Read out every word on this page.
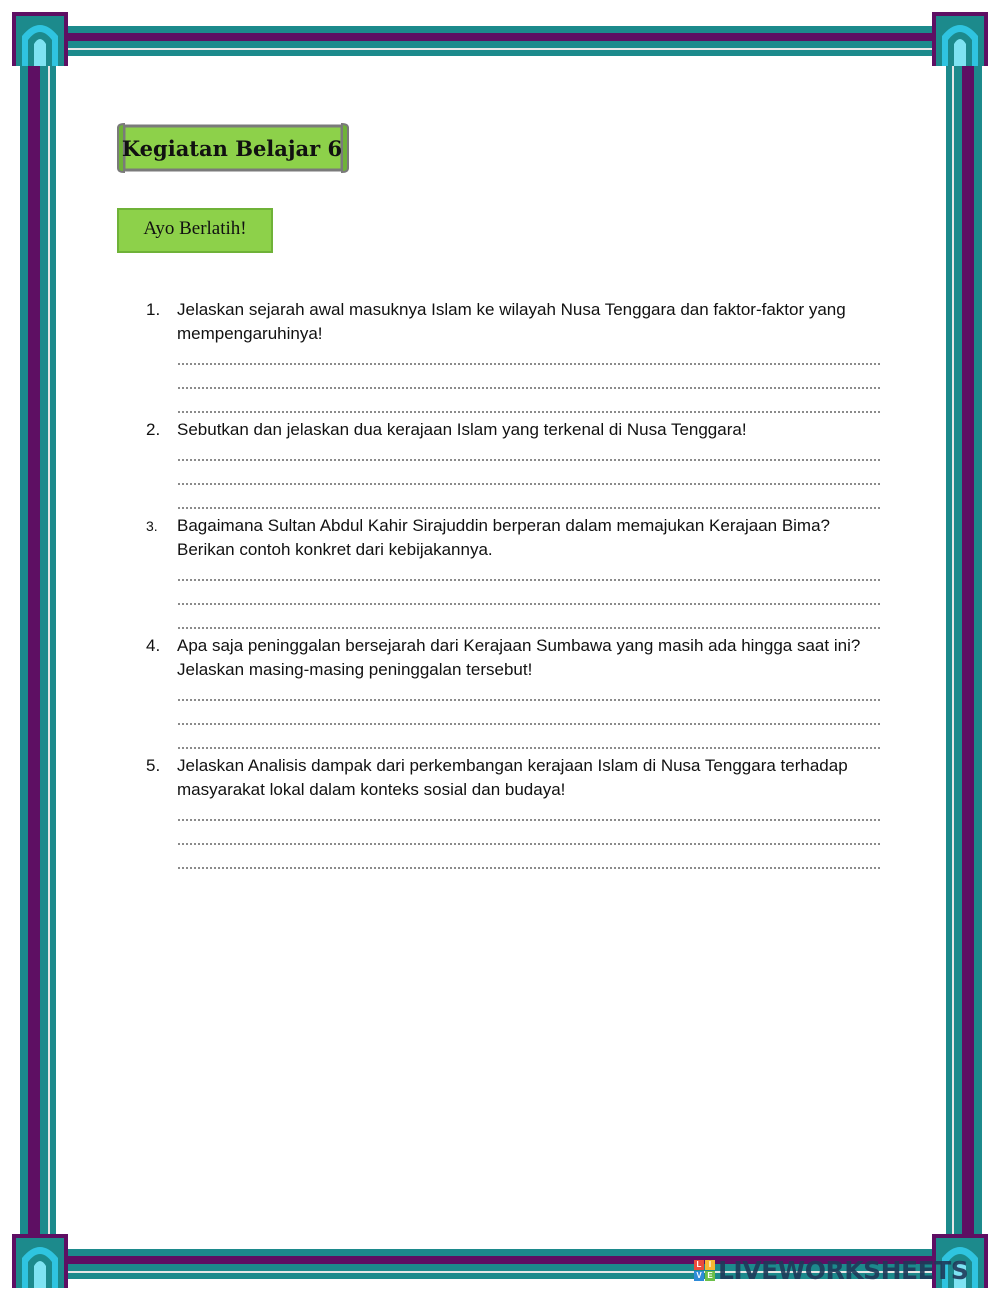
Kegiatan Belajar 6
Ayo Berlatih!
1. Jelaskan sejarah awal masuknya Islam ke wilayah Nusa Tenggara dan faktor-faktor yang mempengaruhinya!
2. Sebutkan dan jelaskan dua kerajaan Islam yang terkenal di Nusa Tenggara!
3. Bagaimana Sultan Abdul Kahir Sirajuddin berperan dalam memajukan Kerajaan Bima? Berikan contoh konkret dari kebijakannya.
4. Apa saja peninggalan bersejarah dari Kerajaan Sumbawa yang masih ada hingga saat ini? Jelaskan masing-masing peninggalan tersebut!
5. Jelaskan Analisis dampak dari perkembangan kerajaan Islam di Nusa Tenggara terhadap masyarakat lokal dalam konteks sosial dan budaya!
L I
V E LIVEWORKSHEETS
